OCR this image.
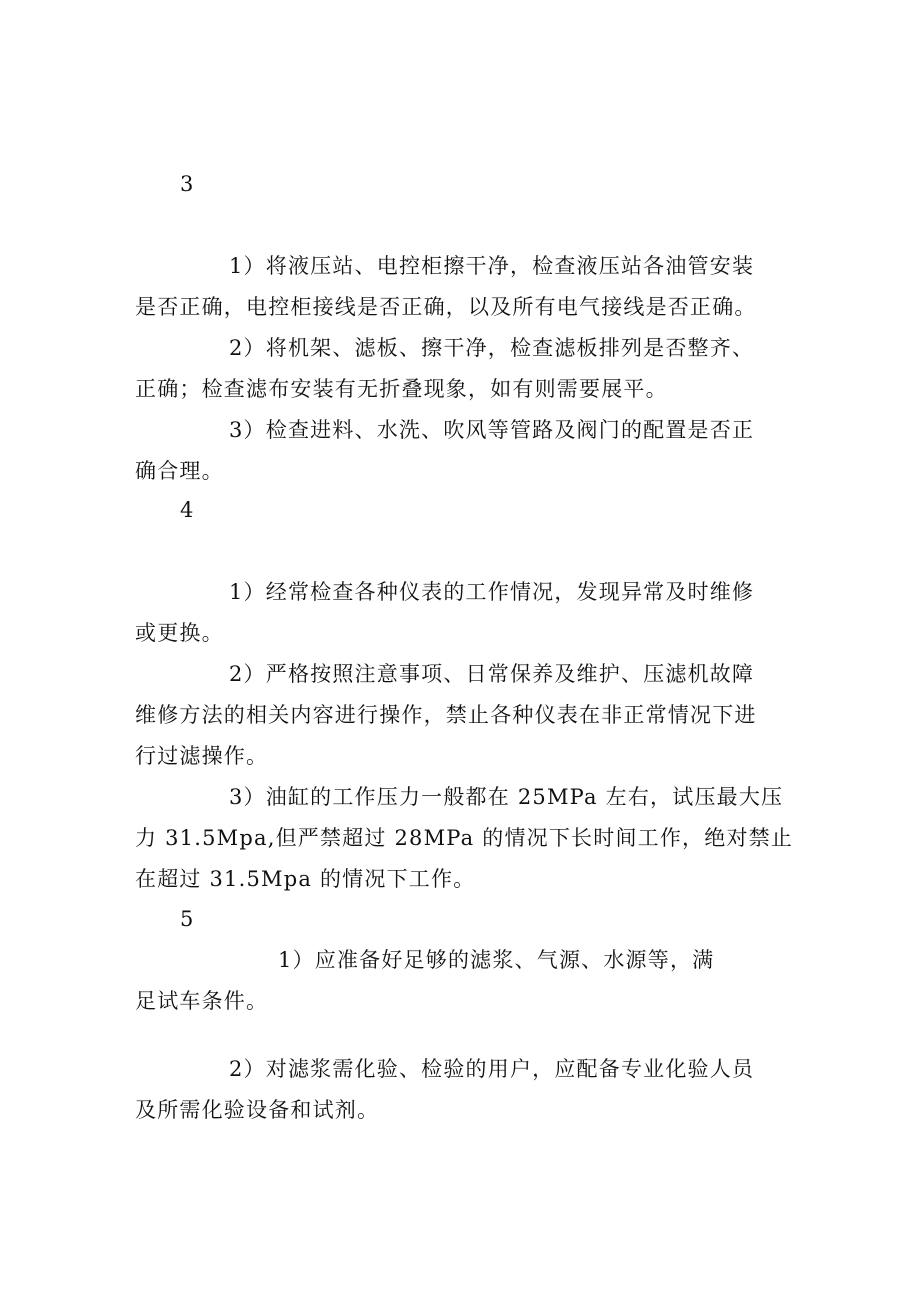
3
1）将液压站、电控柜擦干净，检查液压站各油管安装
是否正确，电控柜接线是否正确，以及所有电气接线是否正确。
2）将机架、滤板、擦干净，检查滤板排列是否整齐、
正确；检查滤布安装有无折叠现象，如有则需要展平。
3）检查进料、水洗、吹风等管路及阀门的配置是否正
确合理。
4
1）经常检查各种仪表的工作情况，发现异常及时维修
或更换。
2）严格按照注意事项、日常保养及维护、压滤机故障
维修方法的相关内容进行操作，禁止各种仪表在非正常情况下进
行过滤操作。
3）油缸的工作压力一般都在 25MPa 左右，试压最大压
力 31.5Mpa,但严禁超过 28MPa 的情况下长时间工作，绝对禁止
在超过 31.5Mpa 的情况下工作。
5
1）应准备好足够的滤浆、气源、水源等，满
足试车条件。
2）对滤浆需化验、检验的用户，应配备专业化验人员
及所需化验设备和试剂。
